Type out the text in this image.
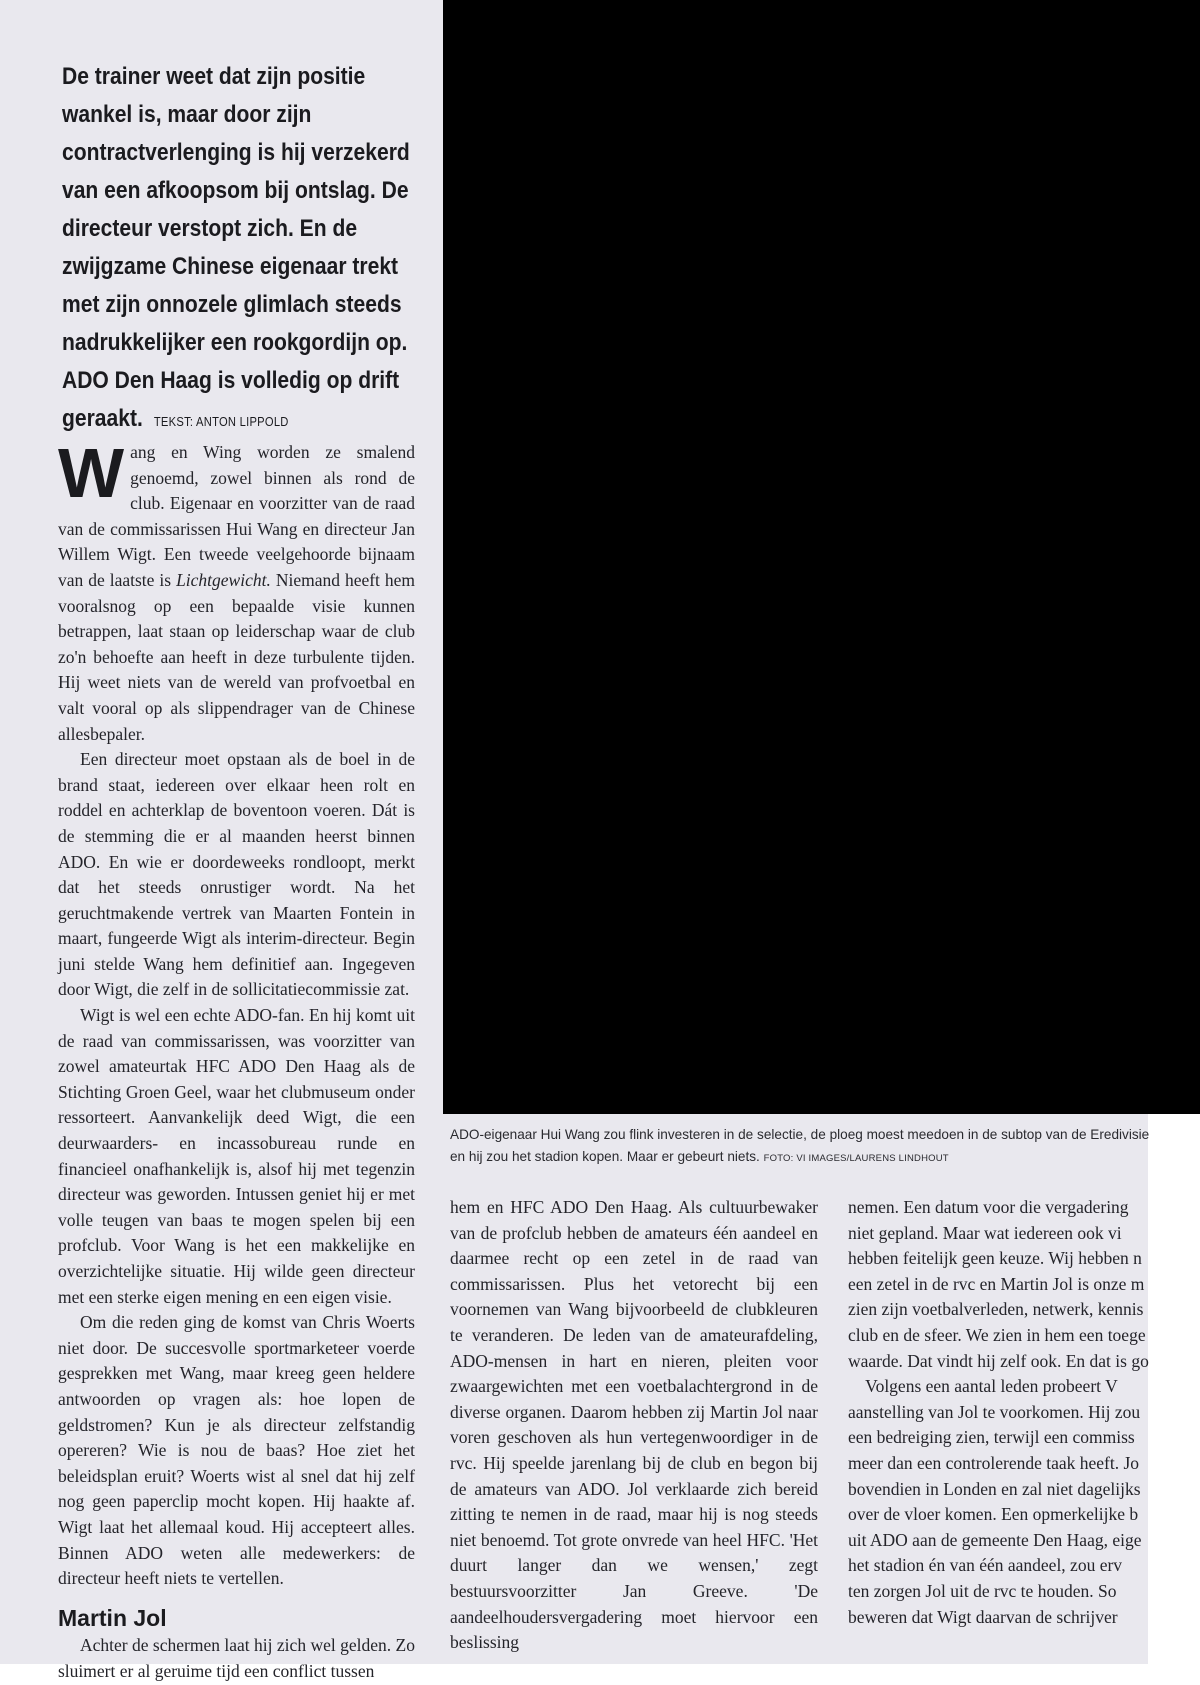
De trainer weet dat zijn positie wankel is, maar door zijn contractverlenging is hij verzekerd van een afkoopsom bij ontslag. De directeur verstopt zich. En de zwijgzame Chinese eigenaar trekt met zijn onnozele glimlach steeds nadrukkelijker een rookgordijn op. ADO Den Haag is volledig op drift geraakt. TEKST: ANTON LIPPOLD

Wang en Wing worden ze smalend genoemd, zowel binnen als rond de club. Eigenaar en voorzitter van de raad van de commissarissen Hui Wang en directeur Jan Willem Wigt. Een tweede veelgehoorde bijnaam van de laatste is Lichtgewicht. Niemand heeft hem vooralsnog op een bepaalde visie kunnen betrappen, laat staan op leiderschap waar de club zo'n behoefte aan heeft in deze turbulente tijden. Hij weet niets van de wereld van profvoetbal en valt vooral op als slippendrager van de Chinese allesbepaler.

Een directeur moet opstaan als de boel in de brand staat, iedereen over elkaar heen rolt en roddel en achterklap de boventoon voeren. Dát is de stemming die er al maanden heerst binnen ADO. En wie er doordeweeks rondloopt, merkt dat het steeds onrustiger wordt. Na het geruchtmakende vertrek van Maarten Fontein in maart, fungeerde Wigt als interim-directeur. Begin juni stelde Wang hem definitief aan. Ingegeven door Wigt, die zelf in de sollicitatiecommissie zat.

Wigt is wel een echte ADO-fan. En hij komt uit de raad van commissarissen, was voorzitter van zowel amateurtak HFC ADO Den Haag als de Stichting Groen Geel, waar het clubmuseum onder ressorteert. Aanvankelijk deed Wigt, die een deurwaarders- en incassobureau runde en financieel onafhankelijk is, alsof hij met tegenzin directeur was geworden. Intussen geniet hij er met volle teugen van baas te mogen spelen bij een profclub. Voor Wang is het een makkelijke en overzichtelijke situatie. Hij wilde geen directeur met een sterke eigen mening en een eigen visie.

Om die reden ging de komst van Chris Woerts niet door. De succesvolle sportmarketeer voerde gesprekken met Wang, maar kreeg geen heldere antwoorden op vragen als: hoe lopen de geldstromen? Kun je als directeur zelfstandig opereren? Wie is nou de baas? Hoe ziet het beleidsplan eruit? Woerts wist al snel dat hij zelf nog geen paperclip mocht kopen. Hij haakte af. Wigt laat het allemaal koud. Hij accepteert alles. Binnen ADO weten alle medewerkers: de directeur heeft niets te vertellen.

Martin Jol

Achter de schermen laat hij zich wel gelden. Zo sluimert er al geruime tijd een conflict tussen

ADO-eigenaar Hui Wang zou flink investeren in de selectie, de ploeg moest meedoen in de subtop van de Eredivisie en hij zou het stadion kopen. Maar er gebeurt niets. FOTO: VI IMAGES/LAURENS LINDHOUT

hem en HFC ADO Den Haag. Als cultuurbewaker van de profclub hebben de amateurs één aandeel en daarmee recht op een zetel in de raad van commissarissen. Plus het vetorecht bij een voornemen van Wang bijvoorbeeld de clubkleuren te veranderen. De leden van de amateurafdeling, ADO-mensen in hart en nieren, pleiten voor zwaargewichten met een voetbalachtergrond in de diverse organen. Daarom hebben zij Martin Jol naar voren geschoven als hun vertegenwoordiger in de rvc. Hij speelde jarenlang bij de club en begon bij de amateurs van ADO. Jol verklaarde zich bereid zitting te nemen in de raad, maar hij is nog steeds niet benoemd. Tot grote onvrede van heel HFC. 'Het duurt langer dan we wensen,' zegt bestuursvoorzitter Jan Greeve. 'De aandeelhoudersvergadering moet hiervoor een beslissing

nemen. Een datum voor die vergadering

niet gepland. Maar wat iedereen ook vi

hebben feitelijk geen keuze. Wij hebben n

een zetel in de rvc en Martin Jol is onze m

zien zijn voetbalverleden, netwerk, kennis

club en de sfeer. We zien in hem een toege

waarde. Dat vindt hij zelf ook. En dat is go

Volgens een aantal leden probeert V

aanstelling van Jol te voorkomen. Hij zou

een bedreiging zien, terwijl een commiss

meer dan een controlerende taak heeft. Jo

bovendien in Londen en zal niet dagelijks

over de vloer komen. Een opmerkelijke b

uit ADO aan de gemeente Den Haag, eige

het stadion én van één aandeel, zou erv

ten zorgen Jol uit de rvc te houden. So

beweren dat Wigt daarvan de schrijver
